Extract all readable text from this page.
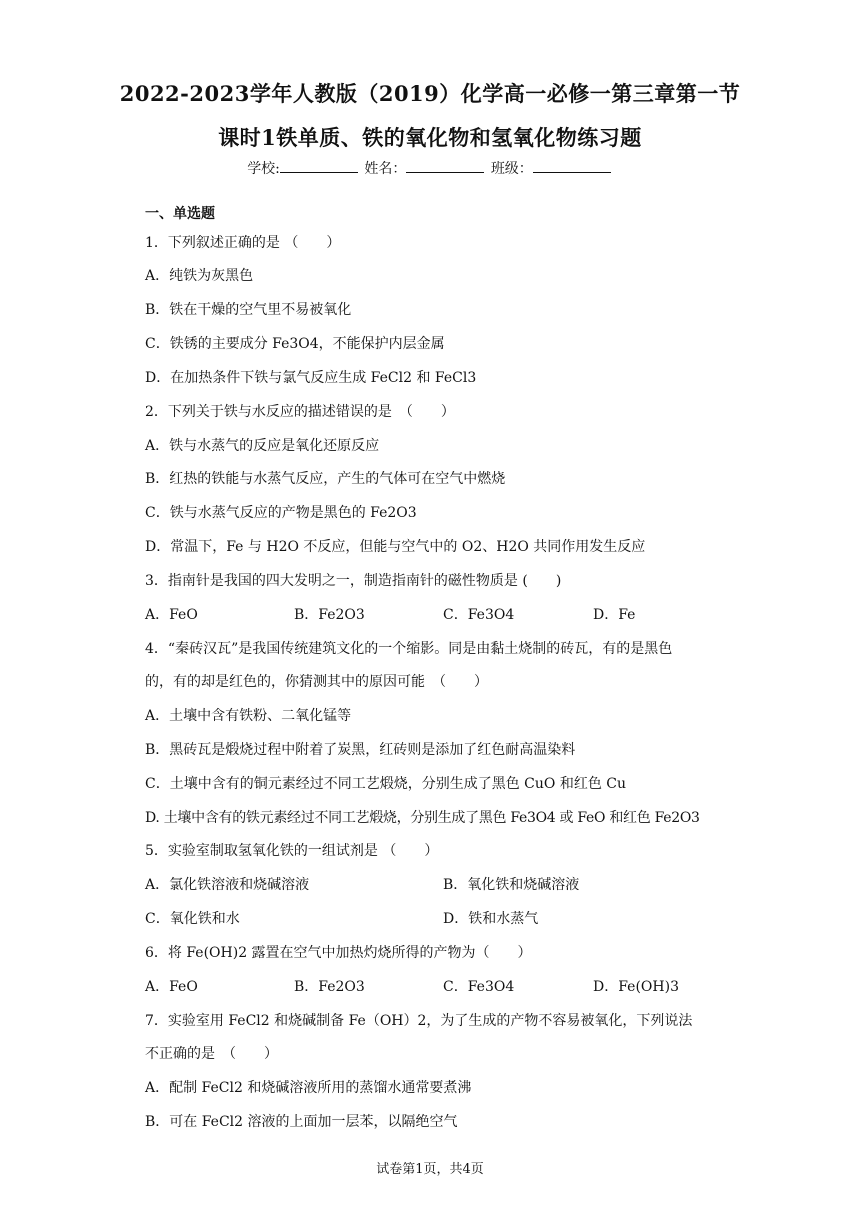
2022-2023学年人教版（2019）化学高一必修一第三章第一节
课时1铁单质、铁的氧化物和氢氧化物练习题
学校:	姓名：	班级：
一、单选题
1．下列叙述正确的是 （　　）
A．纯铁为灰黑色
B．铁在干燥的空气里不易被氧化
C．铁锈的主要成分 Fe3O4，不能保护内层金属
D．在加热条件下铁与氯气反应生成 FeCl2 和 FeCl3
2．下列关于铁与水反应的描述错误的是　（　　）
A．铁与水蒸气的反应是氧化还原反应
B．红热的铁能与水蒸气反应，产生的气体可在空气中燃烧
C．铁与水蒸气反应的产物是黑色的 Fe2O3
D．常温下，Fe 与 H2O 不反应，但能与空气中的 O2、H2O 共同作用发生反应
3．指南针是我国的四大发明之一，制造指南针的磁性物质是 (　　)
A．FeO	B．Fe2O3	C．Fe3O4	D．Fe
4．“秦砖汉瓦”是我国传统建筑文化的一个缩影。同是由黏土烧制的砖瓦，有的是黑色
的，有的却是红色的，你猜测其中的原因可能　（　　）
A．土壤中含有铁粉、二氧化锰等
B．黑砖瓦是煅烧过程中附着了炭黑，红砖则是添加了红色耐高温染料
C．土壤中含有的铜元素经过不同工艺煅烧，分别生成了黑色 CuO 和红色 Cu
D. 土壤中含有的铁元素经过不同工艺煅烧，分别生成了黑色 Fe3O4 或 FeO 和红色 Fe2O3
5．实验室制取氢氧化铁的一组试剂是 （　　）
A．氯化铁溶液和烧碱溶液	B．氧化铁和烧碱溶液
C．氧化铁和水	D．铁和水蒸气
6．将 Fe(OH)2 露置在空气中加热灼烧所得的产物为（　　）
A．FeO	B．Fe2O3	C．Fe3O4	D．Fe(OH)3
7．实验室用 FeCl2 和烧碱制备 Fe（OH）2，为了生成的产物不容易被氧化，下列说法
不正确的是　（　　）
A．配制 FeCl2 和烧碱溶液所用的蒸馏水通常要煮沸
B．可在 FeCl2 溶液的上面加一层苯，以隔绝空气
试卷第1页，共4页
